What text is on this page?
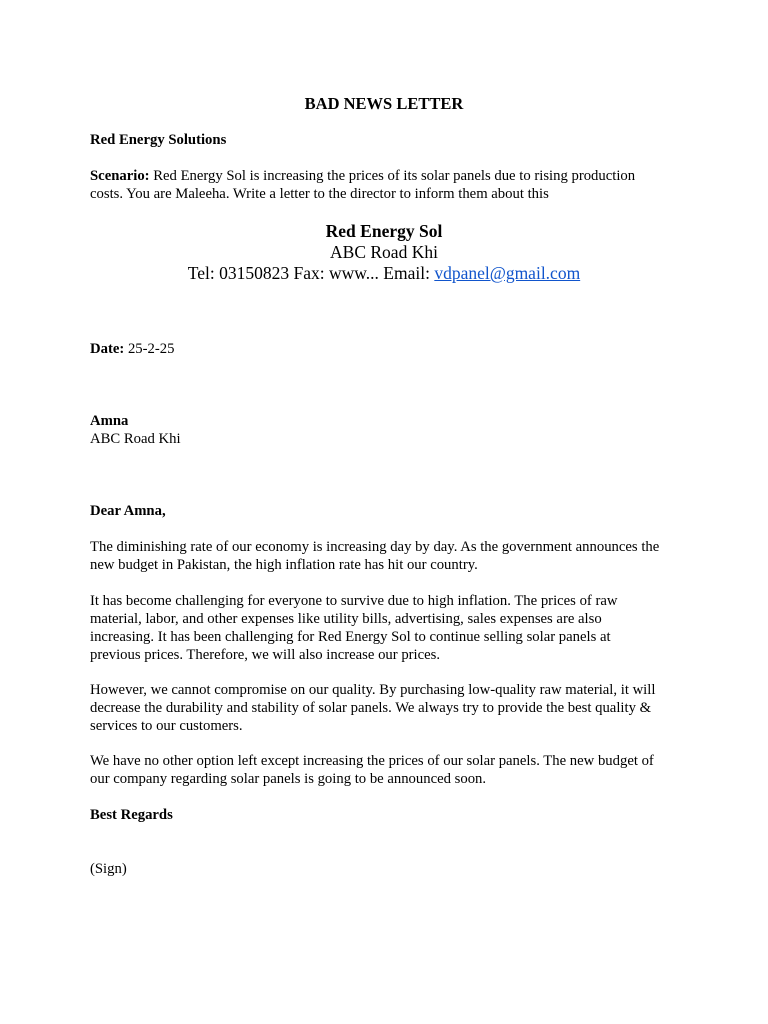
BAD NEWS LETTER
Red Energy Solutions
Scenario: Red Energy Sol is increasing the prices of its solar panels due to rising production
costs. You are Maleeha. Write a letter to the director to inform them about this
Red Energy Sol
ABC Road Khi
Tel: 03150823 Fax: www... Email: vdpanel@gmail.com
Date: 25-2-25
Amna
ABC Road Khi
Dear Amna,
The diminishing rate of our economy is increasing day by day. As the government announces the
new budget in Pakistan, the high inflation rate has hit our country.
It has become challenging for everyone to survive due to high inflation. The prices of raw
material, labor, and other expenses like utility bills, advertising, sales expenses are also
increasing. It has been challenging for Red Energy Sol to continue selling solar panels at
previous prices. Therefore, we will also increase our prices.
However, we cannot compromise on our quality. By purchasing low-quality raw material, it will
decrease the durability and stability of solar panels. We always try to provide the best quality &
services to our customers.
We have no other option left except increasing the prices of our solar panels. The new budget of
our company regarding solar panels is going to be announced soon.
Best Regards
(Sign)
